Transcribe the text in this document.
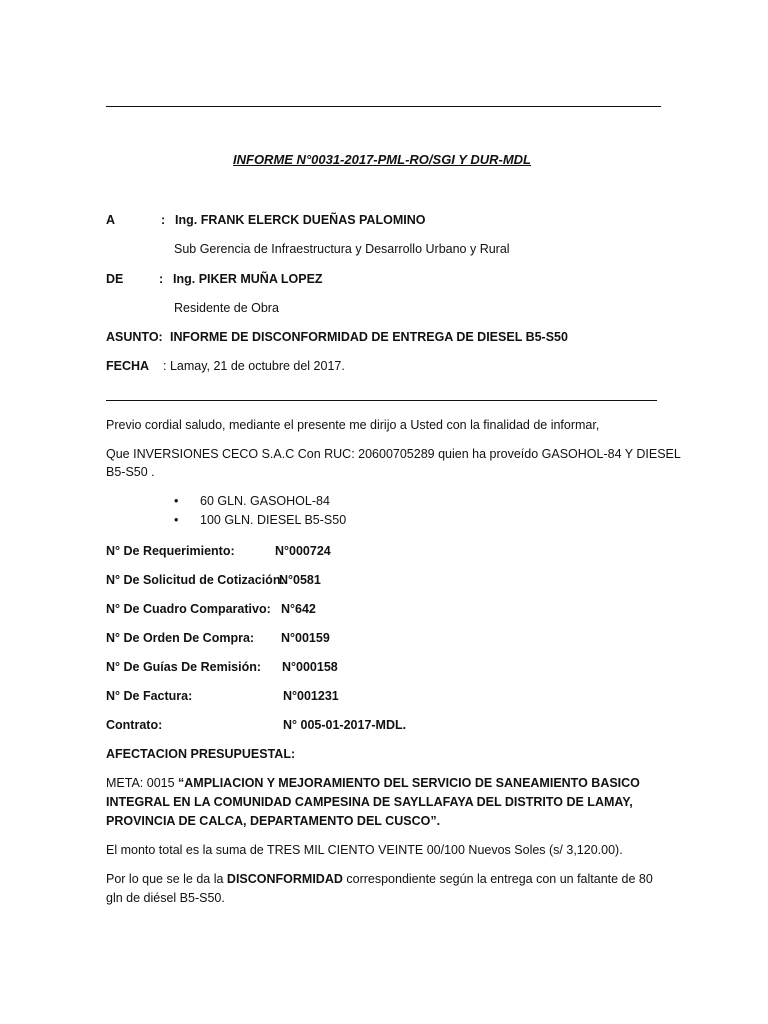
INFORME N°0031-2017-PML-RO/SGI Y DUR-MDL
A	: Ing. FRANK ELERCK DUEÑAS PALOMINO
Sub Gerencia de Infraestructura y Desarrollo Urbano y Rural
DE	: Ing. PIKER MUÑA LOPEZ
Residente de Obra
ASUNTO: INFORME DE DISCONFORMIDAD DE ENTREGA DE DIESEL B5-S50
FECHA : Lamay, 21 de octubre del 2017.
Previo cordial saludo, mediante el presente me dirijo a Usted con la finalidad de informar,
Que INVERSIONES CECO S.A.C Con RUC: 20600705289 quien ha proveído GASOHOL-84 Y DIESEL
B5-S50 .
• 60 GLN. GASOHOL-84
• 100 GLN. DIESEL B5-S50
N° De Requerimiento:	N°000724
N° De Solicitud de Cotización:
N°0581
N° De Cuadro Comparativo: N°642
N° De Orden De Compra: N°00159
N° De Guías De Remisión: N°000158
N° De Factura:	N°001231
Contrato:	N° 005-01-2017-MDL.
AFECTACION PRESUPUESTAL:
META: 0015 “AMPLIACION Y MEJORAMIENTO DEL SERVICIO DE SANEAMIENTO BASICO
INTEGRAL EN LA COMUNIDAD CAMPESINA DE SAYLLAFAYA DEL DISTRITO DE LAMAY,
PROVINCIA DE CALCA, DEPARTAMENTO DEL CUSCO”.
El monto total es la suma de TRES MIL CIENTO VEINTE 00/100 Nuevos Soles (s/ 3,120.00).
Por lo que se le da la DISCONFORMIDAD correspondiente según la entrega con un faltante de 80
gln de diésel B5-S50.
